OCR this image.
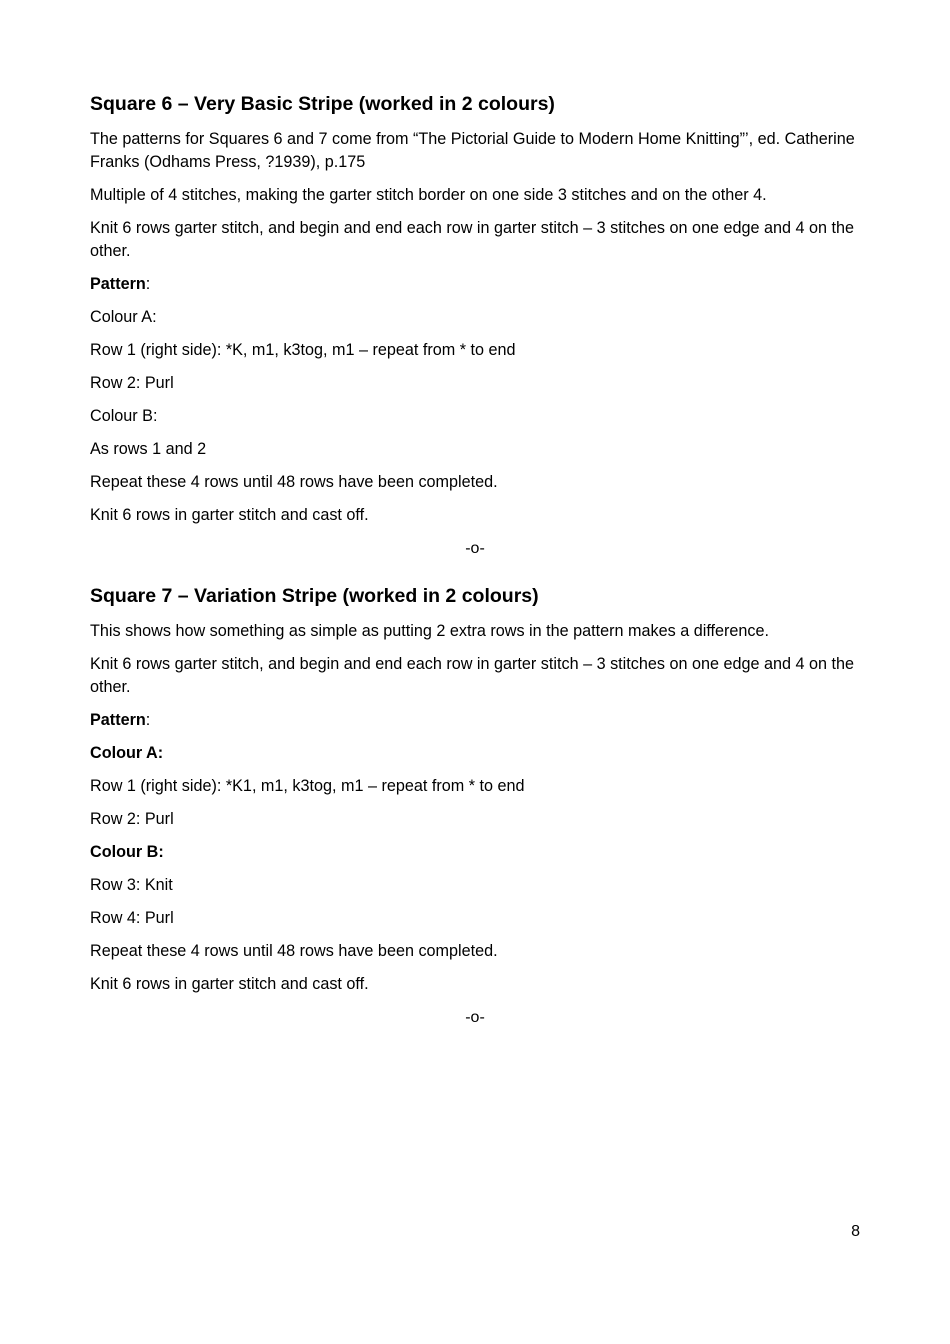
Square 6 – Very Basic Stripe (worked in 2 colours)

The patterns for Squares 6 and 7 come from “The Pictorial Guide to Modern Home Knitting”’, ed. Catherine Franks (Odhams Press, ?1939), p.175

Multiple of 4 stitches, making the garter stitch border on one side 3 stitches and on the other 4.

Knit 6 rows garter stitch, and begin and end each row in garter stitch – 3 stitches on one edge and 4 on the other.

Pattern:

Colour A:

Row 1 (right side): *K, m1, k3tog, m1 – repeat from * to end

Row 2: Purl

Colour B:

As rows 1 and 2

Repeat these 4 rows until 48 rows have been completed.

Knit 6 rows in garter stitch and cast off.

-o-
Square 7 – Variation Stripe (worked in 2 colours)

This shows how something as simple as putting 2 extra rows in the pattern makes a difference.

Knit 6 rows garter stitch, and begin and end each row in garter stitch – 3 stitches on one edge and 4 on the other.

Pattern:

Colour A:

Row 1 (right side): *K1, m1, k3tog, m1 – repeat from * to end

Row 2: Purl

Colour B:

Row 3: Knit

Row 4: Purl

Repeat these 4 rows until 48 rows have been completed.

Knit 6 rows in garter stitch and cast off.

-o-
8
